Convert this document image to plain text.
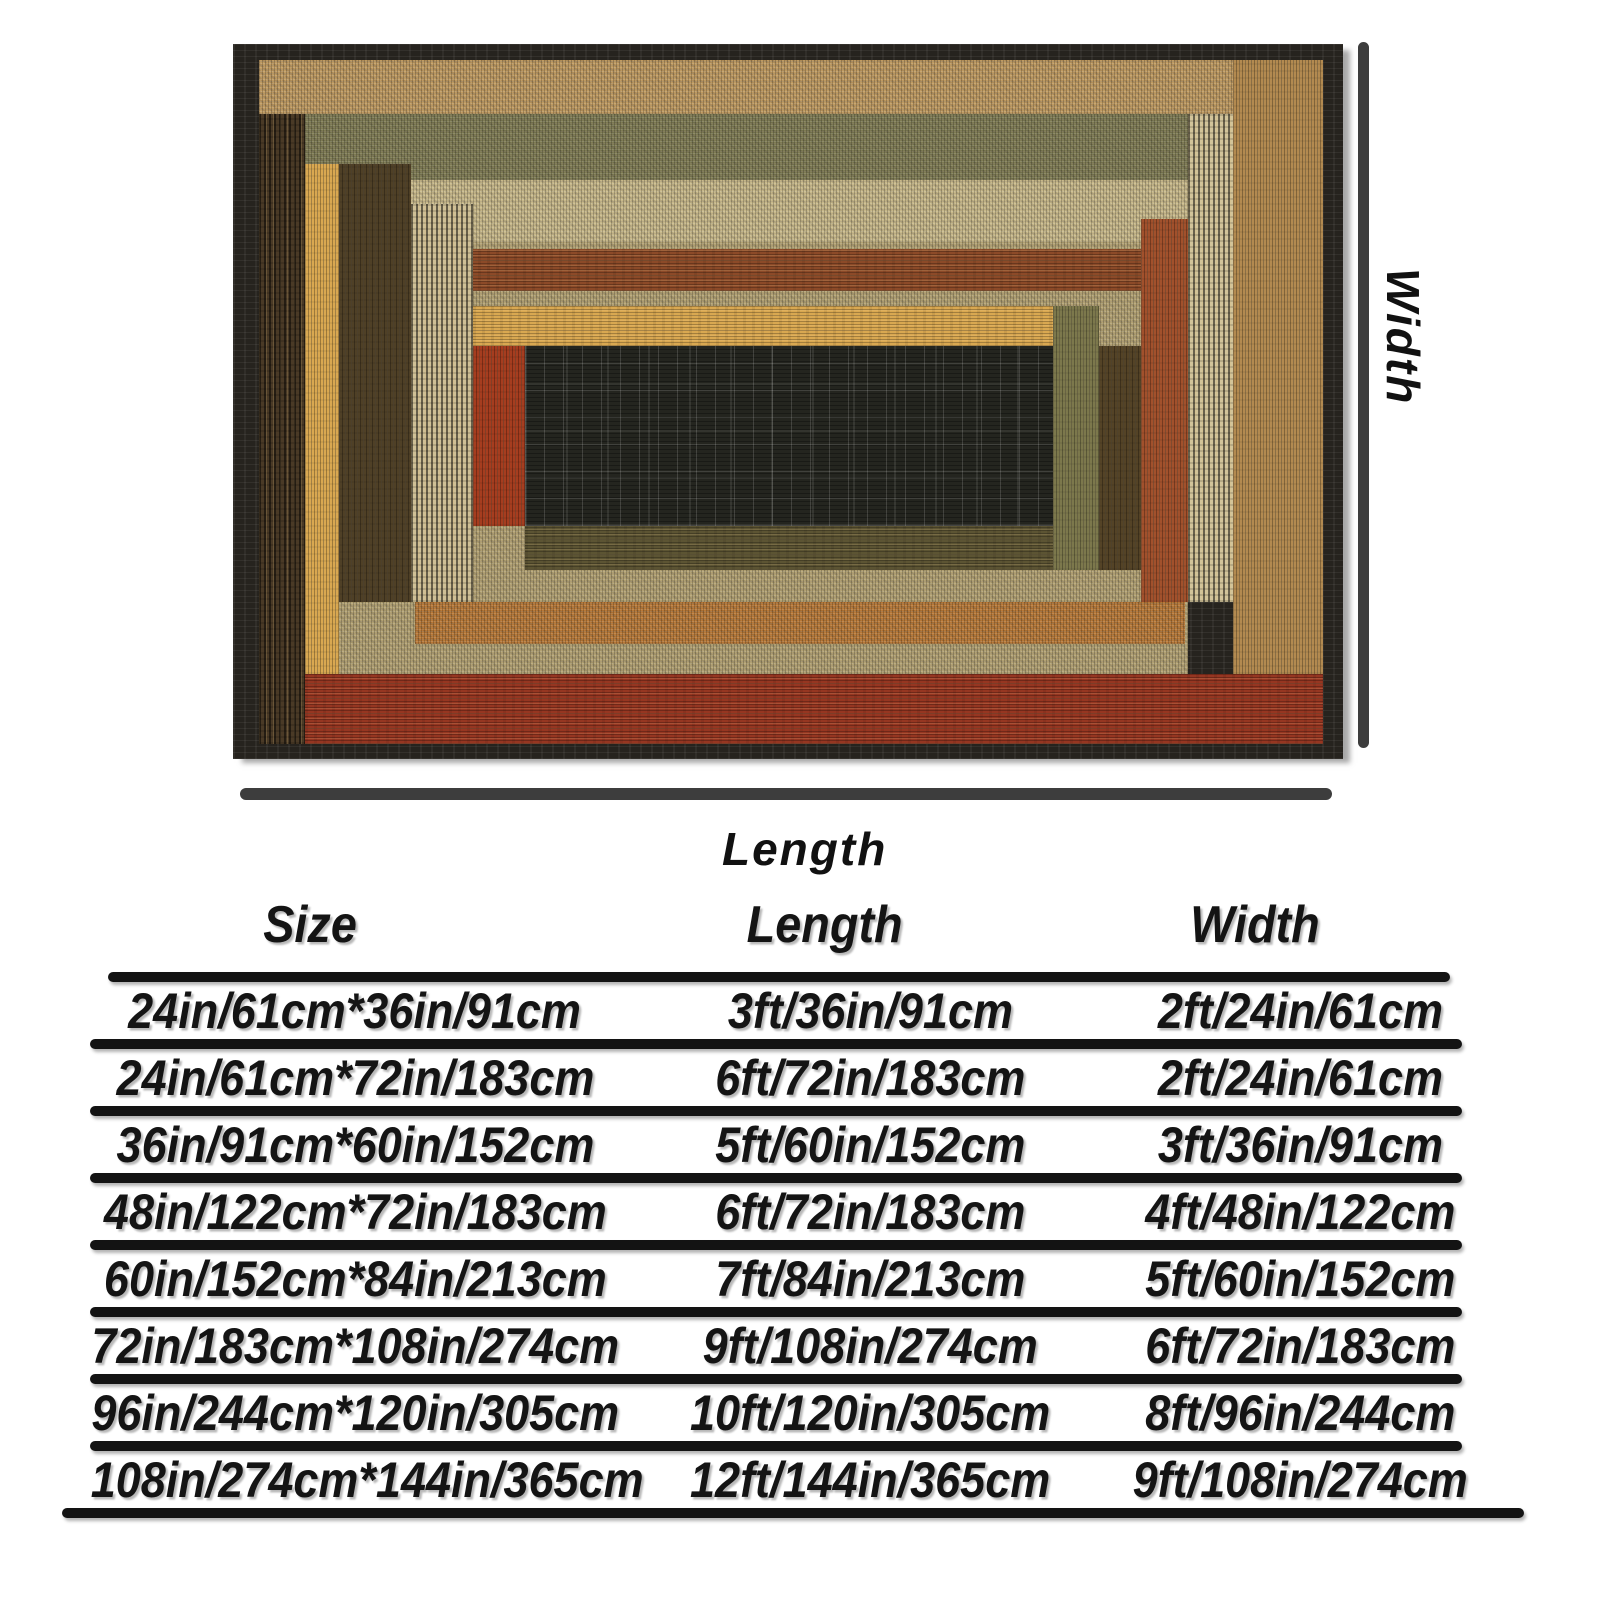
Width
Length
Size	Length	Width
24in/61cm*36in/91cm	3ft/36in/91cm	2ft/24in/61cm
24in/61cm*72in/183cm	6ft/72in/183cm	2ft/24in/61cm
36in/91cm*60in/152cm	5ft/60in/152cm	3ft/36in/91cm
48in/122cm*72in/183cm	6ft/72in/183cm	4ft/48in/122cm
60in/152cm*84in/213cm	7ft/84in/213cm	5ft/60in/152cm
72in/183cm*108in/274cm	9ft/108in/274cm	6ft/72in/183cm
96in/244cm*120in/305cm	10ft/120in/305cm	8ft/96in/244cm
108in/274cm*144in/365cm 12ft/144in/365cm	9ft/108in/274cm
